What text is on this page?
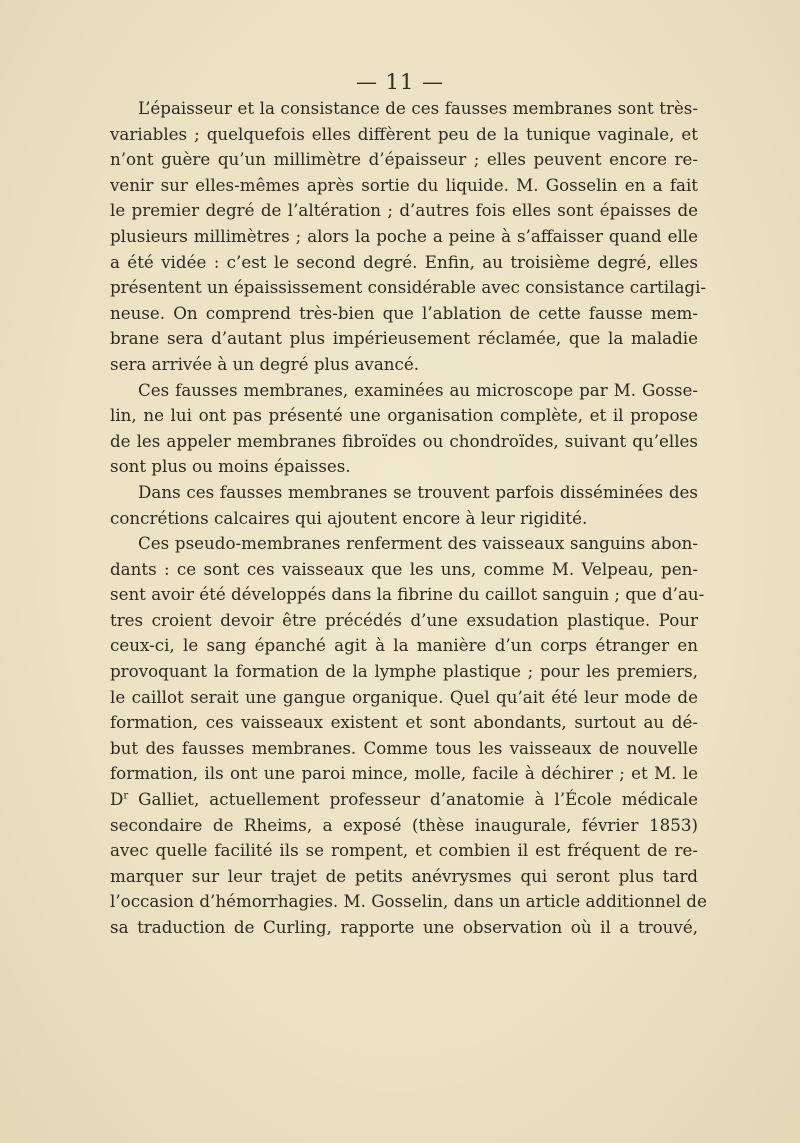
— 11 —
L’épaisseur et la consistance de ces fausses membranes sont très-
variables ; quelquefois elles diffèrent peu de la tunique vaginale, et
n’ont guère qu’un millimètre d’épaisseur ; elles peuvent encore re-
venir sur elles-mêmes après sortie du liquide. M. Gosselin en a fait
le premier degré de l’altération ; d’autres fois elles sont épaisses de
plusieurs millimètres ; alors la poche a peine à s’affaisser quand elle
a été vidée : c’est le second degré. Enfin, au troisième degré, elles
présentent un épaississement considérable avec consistance cartilagi-
neuse. On comprend très-bien que l’ablation de cette fausse mem-
brane sera d’autant plus impérieusement réclamée, que la maladie
sera arrivée à un degré plus avancé.
Ces fausses membranes, examinées au microscope par M. Gosse-
lin, ne lui ont pas présenté une organisation complète, et il propose
de les appeler membranes fibroïdes ou chondroïdes, suivant qu’elles
sont plus ou moins épaisses.
Dans ces fausses membranes se trouvent parfois disséminées des
concrétions calcaires qui ajoutent encore à leur rigidité.
Ces pseudo-membranes renferment des vaisseaux sanguins abon-
dants : ce sont ces vaisseaux que les uns, comme M. Velpeau, pen-
sent avoir été développés dans la fibrine du caillot sanguin ; que d’au-
tres croient devoir être précédés d’une exsudation plastique. Pour
ceux-ci, le sang épanché agit à la manière d’un corps étranger en
provoquant la formation de la lymphe plastique ; pour les premiers,
le caillot serait une gangue organique. Quel qu’ait été leur mode de
formation, ces vaisseaux existent et sont abondants, surtout au dé-
but des fausses membranes. Comme tous les vaisseaux de nouvelle
formation, ils ont une paroi mince, molle, facile à déchirer ; et M. le
$D^r$ Galliet, actuellement professeur d’anatomie à l’École médicale
secondaire de Rheims, a exposé (thèse inaugurale, février 1853)
avec quelle facilité ils se rompent, et combien il est fréquent de re-
marquer sur leur trajet de petits anévrysmes qui seront plus tard
l’occasion d’hémorrhagies. M. Gosselin, dans un article additionnel de
sa traduction de Curling, rapporte une observation où il a trouvé,
